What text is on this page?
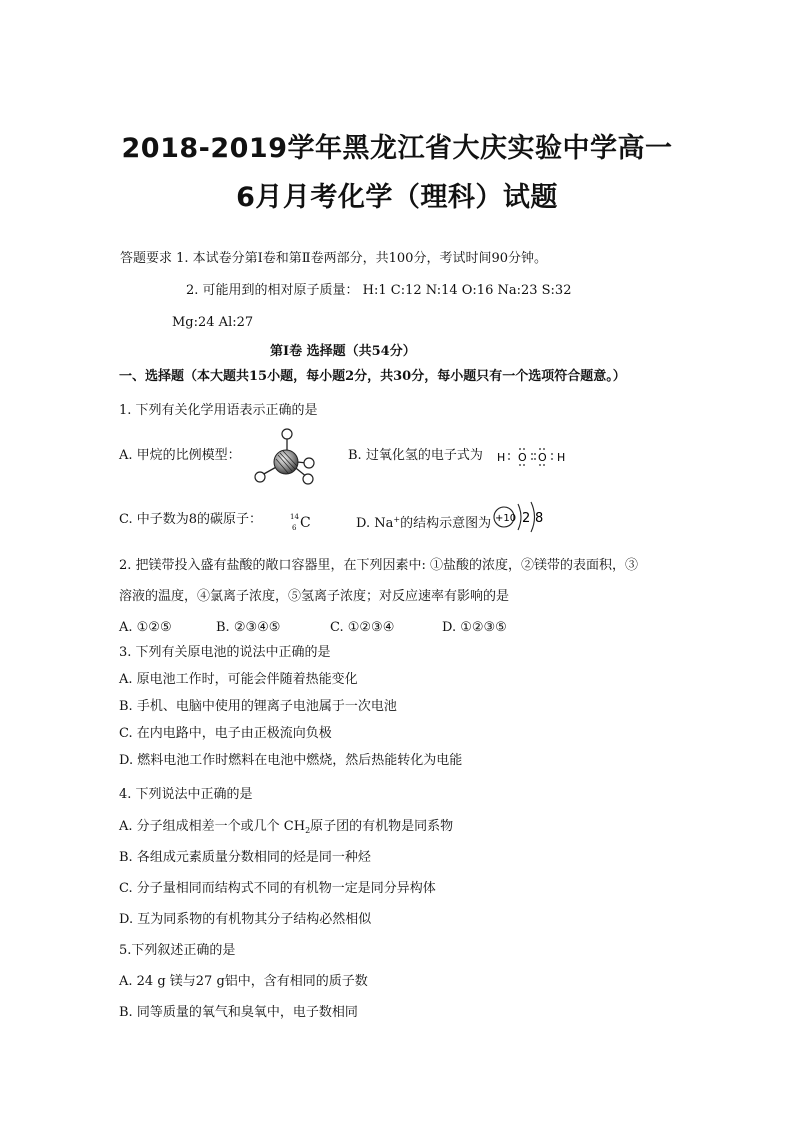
2018-2019学年黑龙江省大庆实验中学高一
6月月考化学（理科）试题
答题要求 1. 本试卷分第Ⅰ卷和第Ⅱ卷两部分，共100分，考试时间90分钟。
2. 可能用到的相对原子质量： H:1 C:12 N:14 O:16 Na:23 S:32
Mg:24 Al:27
第Ⅰ卷 选择题（共54分）
一、选择题（本大题共15小题，每小题2分，共30分，每小题只有一个选项符合题意。）
1. 下列有关化学用语表示正确的是
A. 甲烷的比例模型：	B. 过氧化氢的电子式为 H O O H
C. 中子数为8的碳原子：	14
6 C	D. Na+的结构示意图为 +10 2 8
2. 把镁带投入盛有盐酸的敞口容器里，在下列因素中: ①盐酸的浓度，②镁带的表面积，③
溶液的温度，④氯离子浓度，⑤氢离子浓度；对反应速率有影响的是
A. ①②⑤	B. ②③④⑤	C. ①②③④	D. ①②③⑤
3. 下列有关原电池的说法中正确的是
A. 原电池工作时，可能会伴随着热能变化
B. 手机、电脑中使用的锂离子电池属于一次电池
C. 在内电路中，电子由正极流向负极
D. 燃料电池工作时燃料在电池中燃烧，然后热能转化为电能
4. 下列说法中正确的是
A. 分子组成相差一个或几个 $CH_2$原子团的有机物是同系物
B. 各组成元素质量分数相同的烃是同一种烃
C. 分子量相同而结构式不同的有机物一定是同分异构体
D. 互为同系物的有机物其分子结构必然相似
5.下列叙述正确的是
A. 24 g 镁与27 g铝中，含有相同的质子数
B. 同等质量的氧气和臭氧中，电子数相同
